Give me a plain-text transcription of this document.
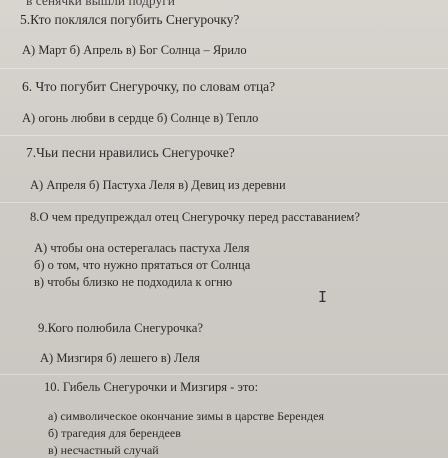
в сенячки вышли подруги
5.Кто поклялся погубить Снегурочку?
А) Март б) Апрель в) Бог Солнца – Ярило
6. Что погубит Снегурочку, по словам отца?
А) огонь любви в сердце б) Солнце в) Тепло
7.Чьи песни нравились Снегурочке?
А) Апреля б) Пастуха Леля в) Девиц из деревни
8.О чем предупреждал отец Снегурочку перед расставанием?
А) чтобы она остерегалась пастуха Леля
б) о том, что нужно прятаться от Солнца
в) чтобы близко не подходила к огню
I
9.Кого полюбила Снегурочка?
А) Мизгиря б) лешего в) Леля
10. Гибель Снегурочки и Мизгиря - это:
а) символическое окончание зимы в царстве Берендея
б) трагедия для берендеев
в) несчастный случай
